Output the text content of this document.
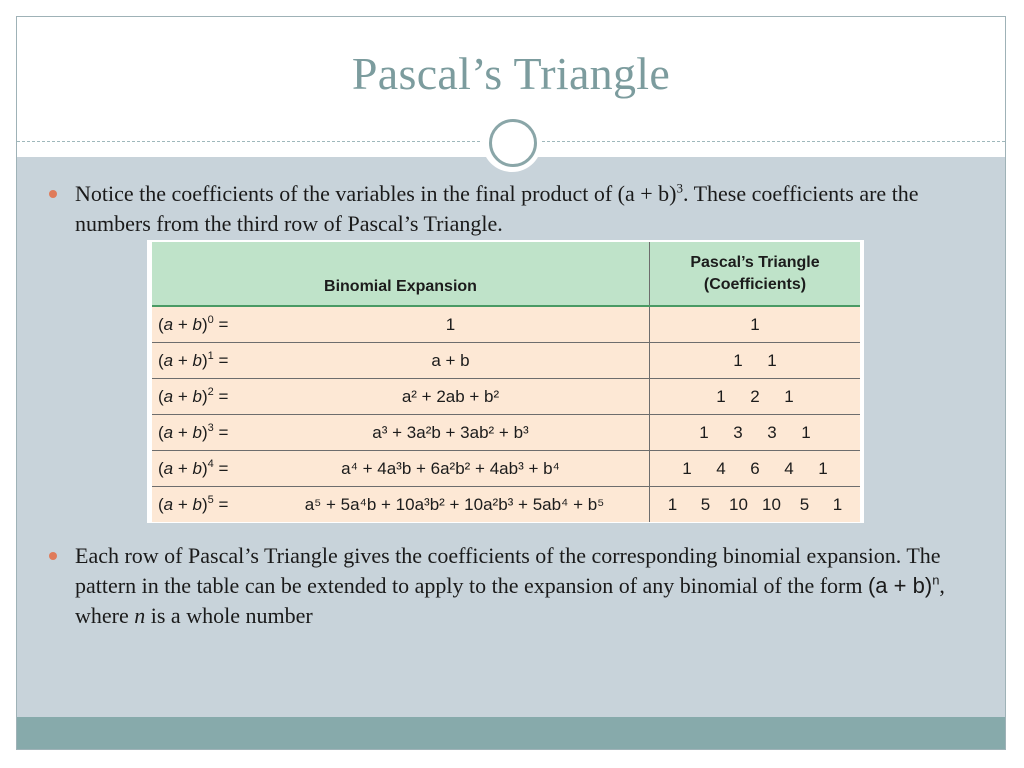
Pascal’s Triangle
Notice the coefficients of the variables in the final product of $(a + b)^3$. These coefficients are the numbers from the third row of Pascal’s Triangle.
Binomial Expansion	Pascal’s Triangle
(Coefficients)

$(a + b)^0 = 1$	1

$(a + b)^1 = a + b$	1 1

$(a + b)^2 = a^2 + 2ab + b^2$	1 2 1

$(a + b)^3 = a^3 + 3a^2b + 3ab^2 + b^3$	1 3 3 1

$(a + b)^4 = a^4 + 4a^3b + 6a^2b^2 + 4ab^3 + b^4$	1 4 6 4 1

$(a + b)^5 = a^5 + 5a^4b + 10a^3b^2 + 10a^2b^3 + 5ab^4 + b^5$	1 5 10 10 5 1
Each row of Pascal’s Triangle gives the coefficients of the corresponding binomial expansion. The pattern in the table can be extended to apply to the expansion of any binomial of the form $(a + b)^n$, where n is a whole number
